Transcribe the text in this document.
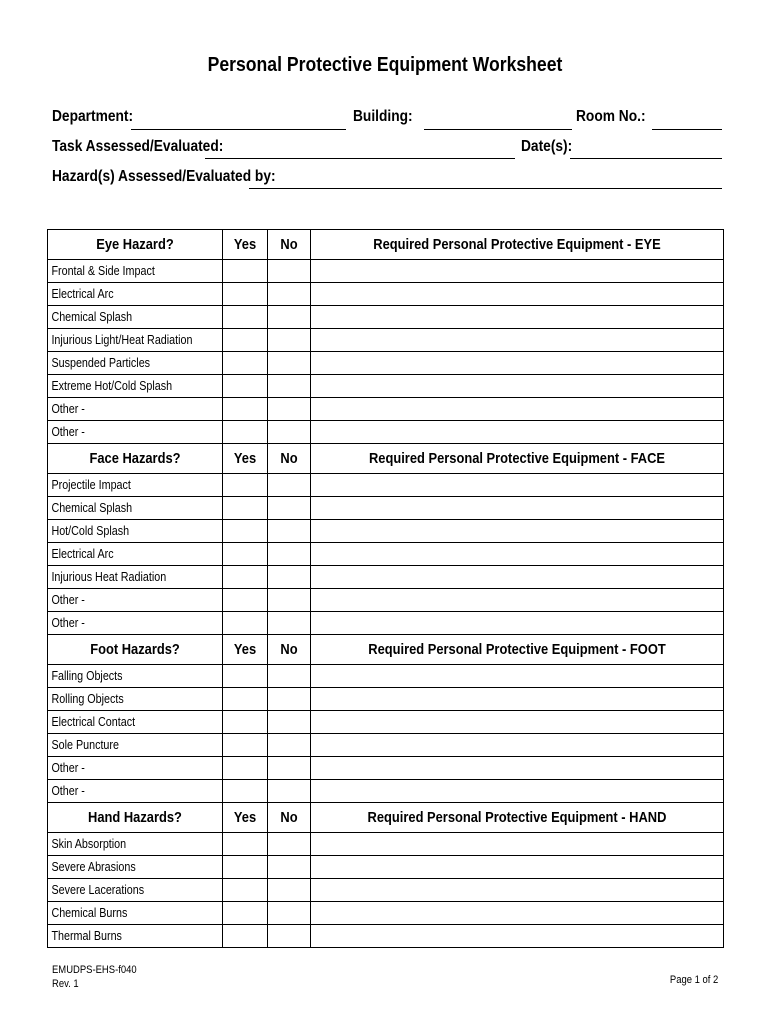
Personal Protective Equipment Worksheet
Department:	Building:	Room No.:
Task Assessed/Evaluated:	Date(s):
Hazard(s) Assessed/Evaluated by:
Eye Hazard?	Yes	No	Required Personal Protective Equipment - EYE

Frontal & Side Impact			
Electrical Arc			
Chemical Splash			
Injurious Light/Heat Radiation			
Suspended Particles			
Extreme Hot/Cold Splash			
Other -			
Other -			

Face Hazards?	Yes	No	Required Personal Protective Equipment - FACE

Projectile Impact			
Chemical Splash			
Hot/Cold Splash			
Electrical Arc			
Injurious Heat Radiation			
Other -			
Other -			

Foot Hazards?	Yes	No	Required Personal Protective Equipment - FOOT

Falling Objects			
Rolling Objects			
Electrical Contact			
Sole Puncture			
Other -			
Other -			

Hand Hazards?	Yes	No	Required Personal Protective Equipment - HAND

Skin Absorption			
Severe Abrasions			
Severe Lacerations			
Chemical Burns			
Thermal Burns			
EMUDPS-EHS-f040
Rev. 1	Page 1 of 2
